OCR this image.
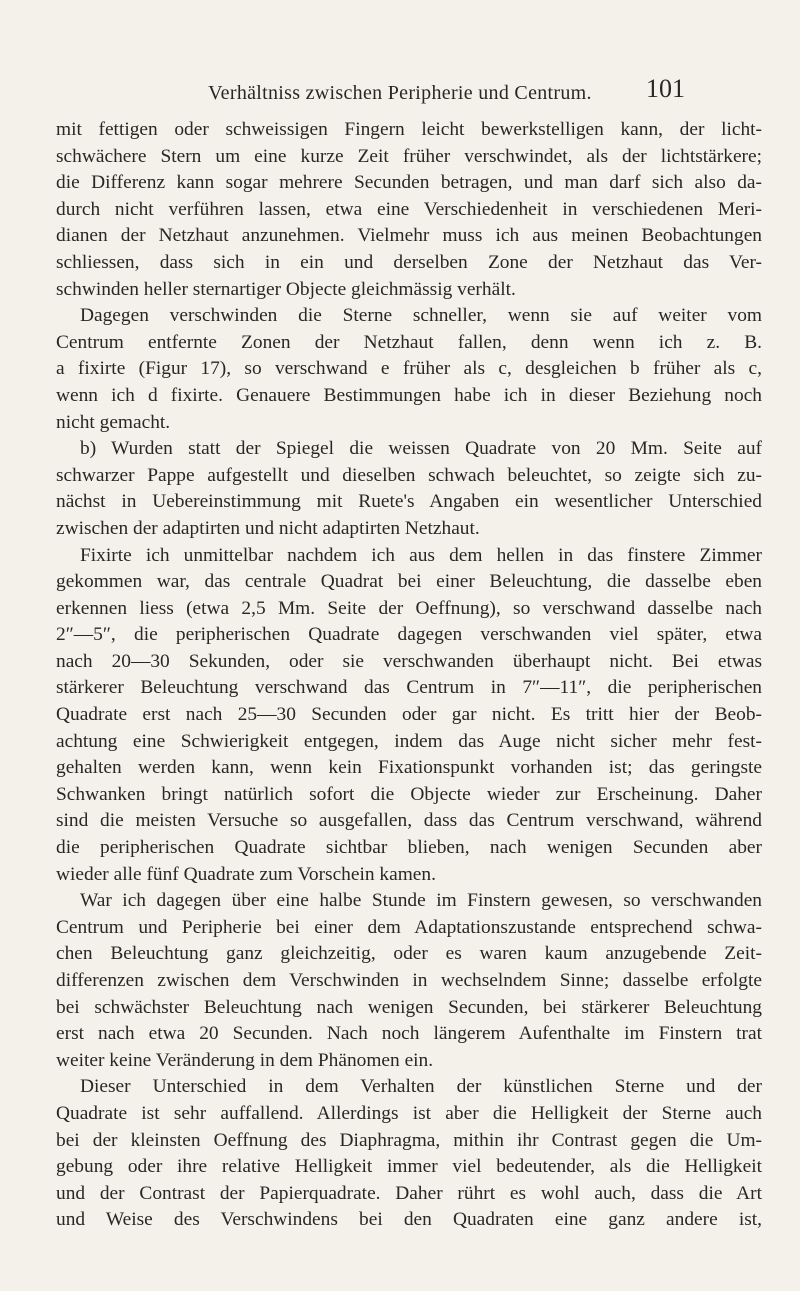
Verhältniss zwischen Peripherie und Centrum.	101
mit fettigen oder schweissigen Fingern leicht bewerkstelligen kann, der licht-
schwächere Stern um eine kurze Zeit früher verschwindet, als der lichtstärkere;
die Differenz kann sogar mehrere Secunden betragen, und man darf sich also da-
durch nicht verführen lassen, etwa eine Verschiedenheit in verschiedenen Meri-
dianen der Netzhaut anzunehmen. Vielmehr muss ich aus meinen Beobachtungen
schliessen, dass sich in ein und derselben Zone der Netzhaut das Ver-
schwinden heller sternartiger Objecte gleichmässig verhält.
Dagegen verschwinden die Sterne schneller, wenn sie auf weiter vom
Centrum entfernte Zonen der Netzhaut fallen, denn wenn ich z. B.
a fixirte (Figur 17), so verschwand e früher als c, desgleichen b früher als c,
wenn ich d fixirte. Genauere Bestimmungen habe ich in dieser Beziehung noch
nicht gemacht.
b) Wurden statt der Spiegel die weissen Quadrate von 20 Mm. Seite auf
schwarzer Pappe aufgestellt und dieselben schwach beleuchtet, so zeigte sich zu-
nächst in Uebereinstimmung mit Ruete's Angaben ein wesentlicher Unterschied
zwischen der adaptirten und nicht adaptirten Netzhaut.
Fixirte ich unmittelbar nachdem ich aus dem hellen in das finstere Zimmer
gekommen war, das centrale Quadrat bei einer Beleuchtung, die dasselbe eben
erkennen liess (etwa 2,5 Mm. Seite der Oeffnung), so verschwand dasselbe nach
2″—5″, die peripherischen Quadrate dagegen verschwanden viel später, etwa
nach 20—30 Sekunden, oder sie verschwanden überhaupt nicht. Bei etwas
stärkerer Beleuchtung verschwand das Centrum in 7″—11″, die peripherischen
Quadrate erst nach 25—30 Secunden oder gar nicht. Es tritt hier der Beob-
achtung eine Schwierigkeit entgegen, indem das Auge nicht sicher mehr fest-
gehalten werden kann, wenn kein Fixationspunkt vorhanden ist; das geringste
Schwanken bringt natürlich sofort die Objecte wieder zur Erscheinung. Daher
sind die meisten Versuche so ausgefallen, dass das Centrum verschwand, während
die peripherischen Quadrate sichtbar blieben, nach wenigen Secunden aber
wieder alle fünf Quadrate zum Vorschein kamen.
War ich dagegen über eine halbe Stunde im Finstern gewesen, so verschwanden
Centrum und Peripherie bei einer dem Adaptationszustande entsprechend schwa-
chen Beleuchtung ganz gleichzeitig, oder es waren kaum anzugebende Zeit-
differenzen zwischen dem Verschwinden in wechselndem Sinne; dasselbe erfolgte
bei schwächster Beleuchtung nach wenigen Secunden, bei stärkerer Beleuchtung
erst nach etwa 20 Secunden. Nach noch längerem Aufenthalte im Finstern trat
weiter keine Veränderung in dem Phänomen ein.
Dieser Unterschied in dem Verhalten der künstlichen Sterne und der
Quadrate ist sehr auffallend. Allerdings ist aber die Helligkeit der Sterne auch
bei der kleinsten Oeffnung des Diaphragma, mithin ihr Contrast gegen die Um-
gebung oder ihre relative Helligkeit immer viel bedeutender, als die Helligkeit
und der Contrast der Papierquadrate. Daher rührt es wohl auch, dass die Art
und Weise des Verschwindens bei den Quadraten eine ganz andere ist,
